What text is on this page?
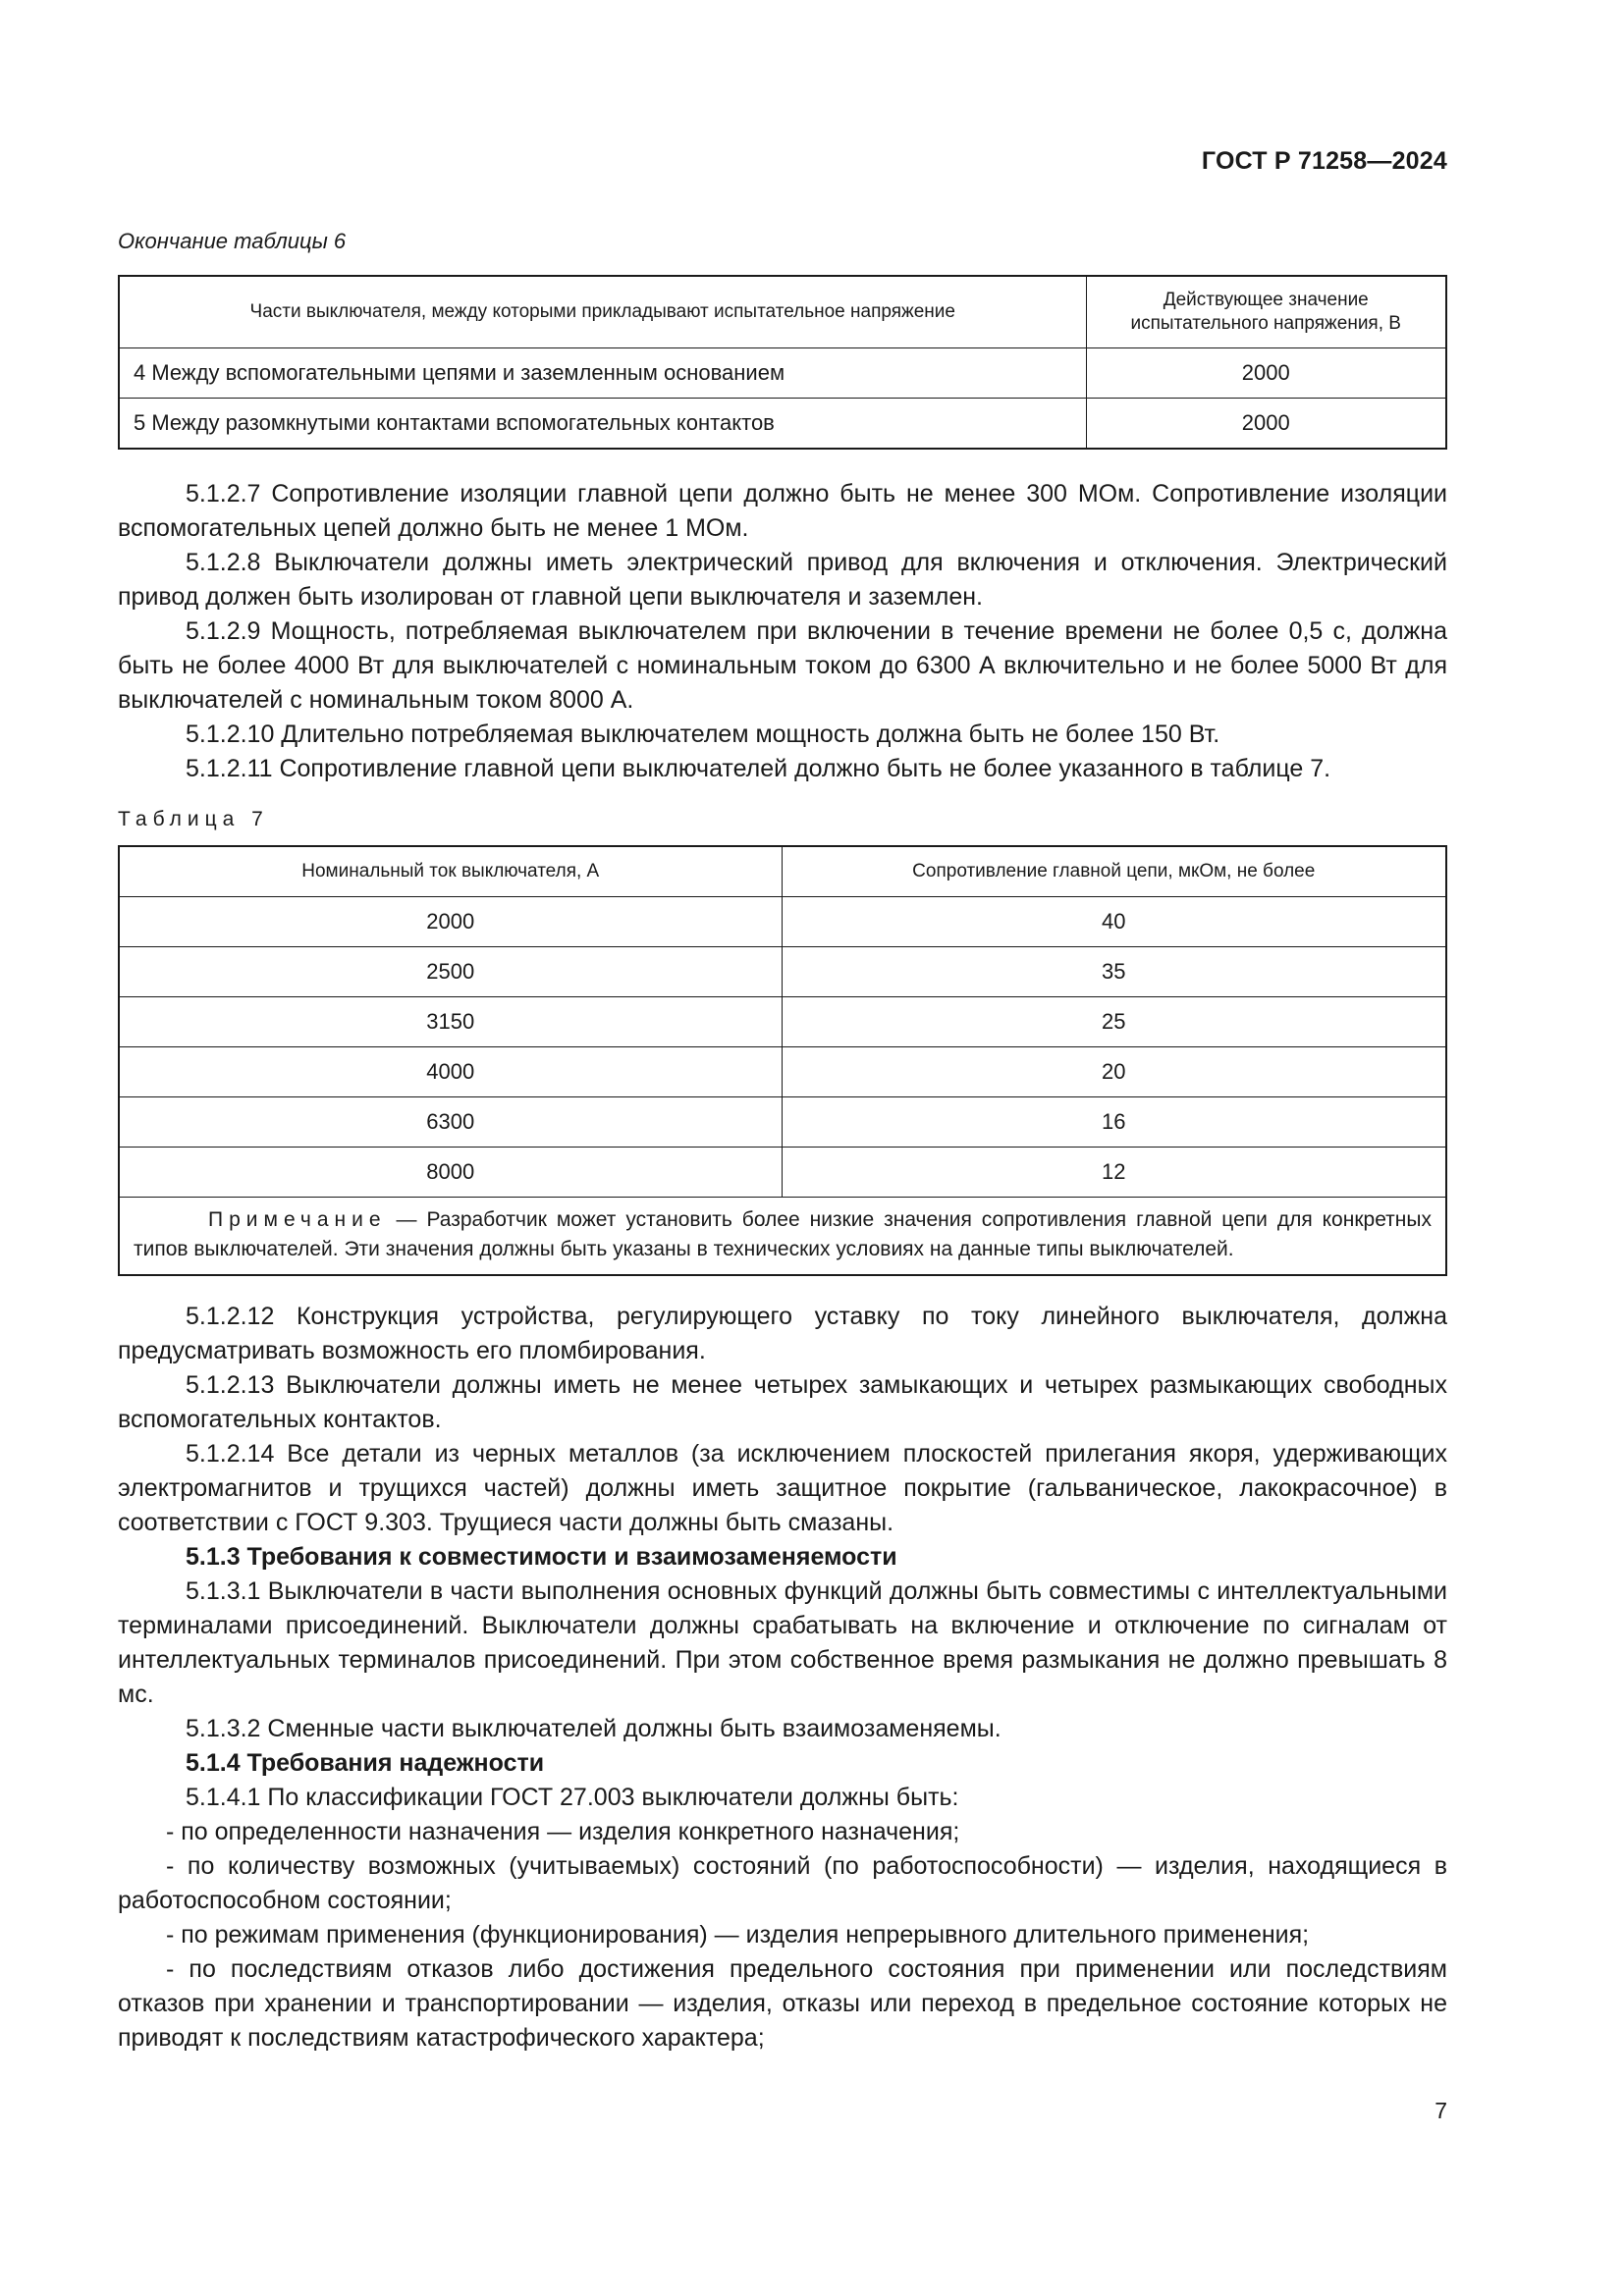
ГОСТ Р 71258—2024

Окончание таблицы 6

Части выключателя, между которыми прикладывают испытательное напряжение	Действующее значение
испытательного напряжения, В

4 Между вспомогательными цепями и заземленным основанием	2000
5 Между разомкнутыми контактами вспомогательных контактов	2000

5.1.2.7 Сопротивление изоляции главной цепи должно быть не менее 300 МОм. Сопротивление изоляции вспомогательных цепей должно быть не менее 1 МОм.

5.1.2.8 Выключатели должны иметь электрический привод для включения и отключения. Электрический привод должен быть изолирован от главной цепи выключателя и заземлен.

5.1.2.9 Мощность, потребляемая выключателем при включении в течение времени не более 0,5 с, должна быть не более 4000 Вт для выключателей с номинальным током до 6300 А включительно и не более 5000 Вт для выключателей с номинальным током 8000 А.

5.1.2.10 Длительно потребляемая выключателем мощность должна быть не более 150 Вт.

5.1.2.11 Сопротивление главной цепи выключателей должно быть не более указанного в таблице 7.

Таблица 7

Номинальный ток выключателя, А	Сопротивление главной цепи, мкОм, не более
2000	40
2500	35
3150	25
4000	20
6300	16
8000	12
Примечание — Разработчик может установить более низкие значения сопротивления главной цепи для конкретных типов выключателей. Эти значения должны быть указаны в технических условиях на данные типы выключателей.	

5.1.2.12 Конструкция устройства, регулирующего уставку по току линейного выключателя, должна предусматривать возможность его пломбирования.

5.1.2.13 Выключатели должны иметь не менее четырех замыкающих и четырех размыкающих свободных вспомогательных контактов.

5.1.2.14 Все детали из черных металлов (за исключением плоскостей прилегания якоря, удерживающих электромагнитов и трущихся частей) должны иметь защитное покрытие (гальваническое, лакокрасочное) в соответствии с ГОСТ 9.303. Трущиеся части должны быть смазаны.

5.1.3 Требования к совместимости и взаимозаменяемости

5.1.3.1 Выключатели в части выполнения основных функций должны быть совместимы с интеллектуальными терминалами присоединений. Выключатели должны срабатывать на включение и отключение по сигналам от интеллектуальных терминалов присоединений. При этом собственное время размыкания не должно превышать 8 мс.

5.1.3.2 Сменные части выключателей должны быть взаимозаменяемы.

5.1.4 Требования надежности

5.1.4.1 По классификации ГОСТ 27.003 выключатели должны быть:

- по определенности назначения — изделия конкретного назначения;

- по количеству возможных (учитываемых) состояний (по работоспособности) — изделия, находящиеся в работоспособном состоянии;

- по режимам применения (функционирования) — изделия непрерывного длительного применения;

- по последствиям отказов либо достижения предельного состояния при применении или последствиям отказов при хранении и транспортировании — изделия, отказы или переход в предельное состояние которых не приводят к последствиям катастрофического характера;

7
